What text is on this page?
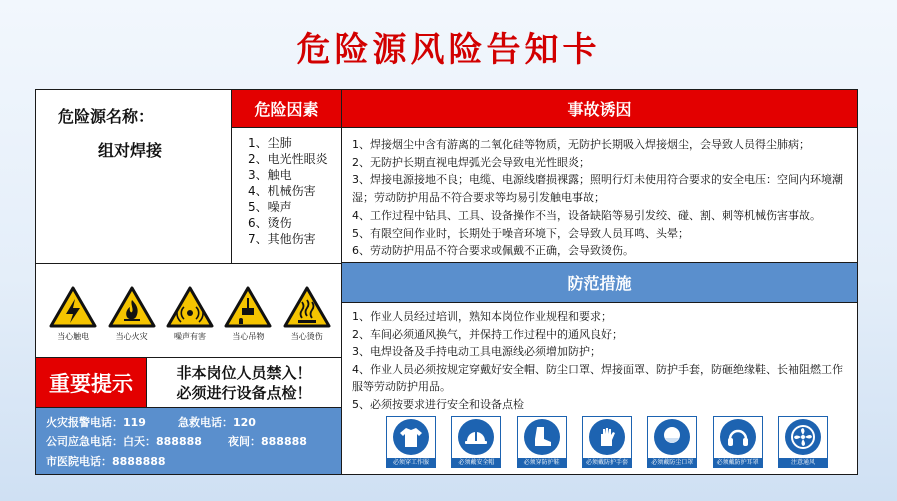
危险源风险告知卡
危险源名称：
组对焊接
危险因素
1、尘肺
2、电光性眼炎
3、触电
4、机械伤害
5、噪声
6、烫伤
7、其他伤害
事故诱因
1、焊接烟尘中含有游离的二氧化硅等物质，无防护长期吸入焊接烟尘，会导致人员得尘肺病；
2、无防护长期直视电焊弧光会导致电光性眼炎；
3、焊接电源接地不良；电缆、电源线磨损裸露；照明行灯未使用符合要求的安全电压：空间内环境潮湿；劳动防护用品不符合要求等均易引发触电事故；
4、工作过程中钻具、工具、设备操作不当，设备缺陷等易引发绞、碰、割、刺等机械伤害事故。
5、有限空间作业时，长期处于噪音环境下，会导致人员耳鸣、头晕；
6、劳动防护用品不符合要求或佩戴不正确，会导致烫伤。
当心触电	当心火灾	噪声有害	当心吊物	当心烫伤
重要提示	非本岗位人员禁入！
必须进行设备点检！
火灾报警电话：119	急救电话：120
公司应急电话：白天：888888 夜间：888888
市医院电话：8888888
防范措施
1、作业人员经过培训，熟知本岗位作业规程和要求；
2、车间必须通风换气，并保持工作过程中的通风良好；
3、电焊设备及手持电动工具电源线必须增加防护；
4、作业人员必须按规定穿戴好安全帽、防尘口罩、焊接面罩、防护手套，防砸绝缘鞋、长袖阻燃工作服等劳动防护用品。
5、必须按要求进行安全和设备点检
必须穿工作服	必须戴安全帽	必须穿防护鞋	必须戴防护手套	必须戴防尘口罩	必须戴防护耳罩	注意通风
